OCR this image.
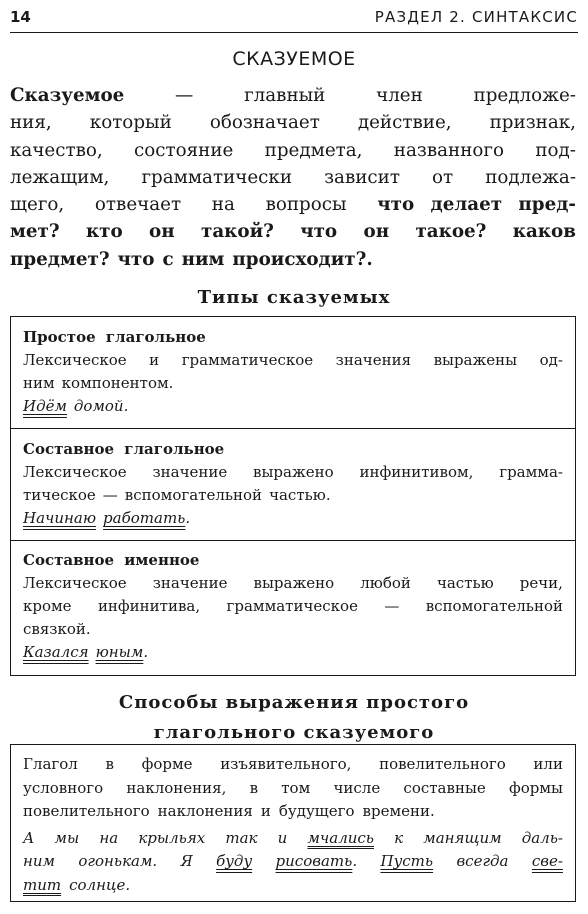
14	РАЗДЕЛ 2. СИНТАКСИС
СКАЗУЕМОЕ
Сказуемое	—	главный	член	предложе-
ния, который обозначает действие, признак,
качество, состояние предмета, названного под-
лежащим, грамматически зависит от подлежа-
щего, отвечает на вопросы что делает пред-
мет? кто он такой? что он такое? каков
предмет? что с ним происходит?.
Типы сказуемых
Простое глагольное
Лексическое и грамматическое значения выражены од-
ним компонентом.
Идём домой.
Составное глагольное
Лексическое значение выражено инфинитивом, грамма-
тическое — вспомогательной частью.
Начинаю работать .
Составное именное
Лексическое значение выражено любой частью речи,
кроме инфинитива, грамматическое — вспомогательной
связкой.
Казался юным .
Способы выражения простого
глагольного сказуемого
Глагол в форме изъявительного, повелительного или
условного наклонения, в том числе составные формы
повелительного наклонения и будущего времени.
А мы на крыльях так и мчались к манящим даль-
ним огонькам. Я буду рисовать. Пусть всегда све-
тит солнце.
